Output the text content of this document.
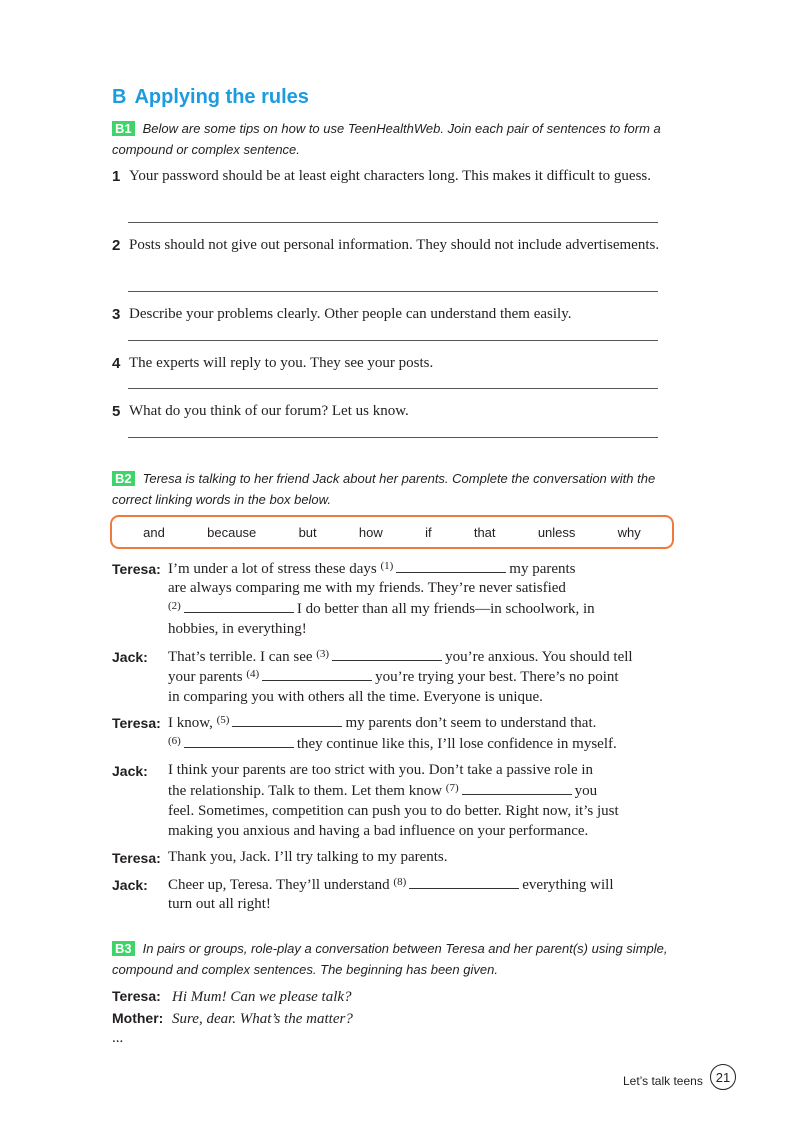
B Applying the rules
B1 Below are some tips on how to use TeenHealthWeb. Join each pair of sentences to form a compound or complex sentence.
1 Your password should be at least eight characters long. This makes it difficult to guess.
2 Posts should not give out personal information. They should not include advertisements.
3 Describe your problems clearly. Other people can understand them easily.
4 The experts will reply to you. They see your posts.
5 What do you think of our forum? Let us know.
B2 Teresa is talking to her friend Jack about her parents. Complete the conversation with the correct linking words in the box below.
and	because	but	how	if	that	unless	why
Teresa: I’m under a lot of stress these days $^{(1)}$	my parents
are always comparing me with my friends. They’re never satisfied
$^{(2)}$	I do better than all my friends—in schoolwork, in
hobbies, in everything!
Jack: That’s terrible. I can see $^{(3)}$	you’re anxious. You should tell
your parents $^{(4)}$	you’re trying your best. There’s no point
in comparing you with others all the time. Everyone is unique.
Teresa: I know, $^{(5)}$	my parents don’t seem to understand that.
$^{(6)}$	they continue like this, I’ll lose confidence in myself.
Jack: I think your parents are too strict with you. Don’t take a passive role in
the relationship. Talk to them. Let them know $^{(7)}$	you
feel. Sometimes, competition can push you to do better. Right now, it’s just
making you anxious and having a bad influence on your performance.
Teresa: Thank you, Jack. I’ll try talking to my parents.
Jack: Cheer up, Teresa. They’ll understand $^{(8)}$	everything will
turn out all right!
B3 In pairs or groups, role-play a conversation between Teresa and her parent(s) using simple, compound and complex sentences. The beginning has been given.
Teresa: Hi Mum! Can we please talk?
Mother: Sure, dear. What’s the matter?
...
Let’s talk teens 21
